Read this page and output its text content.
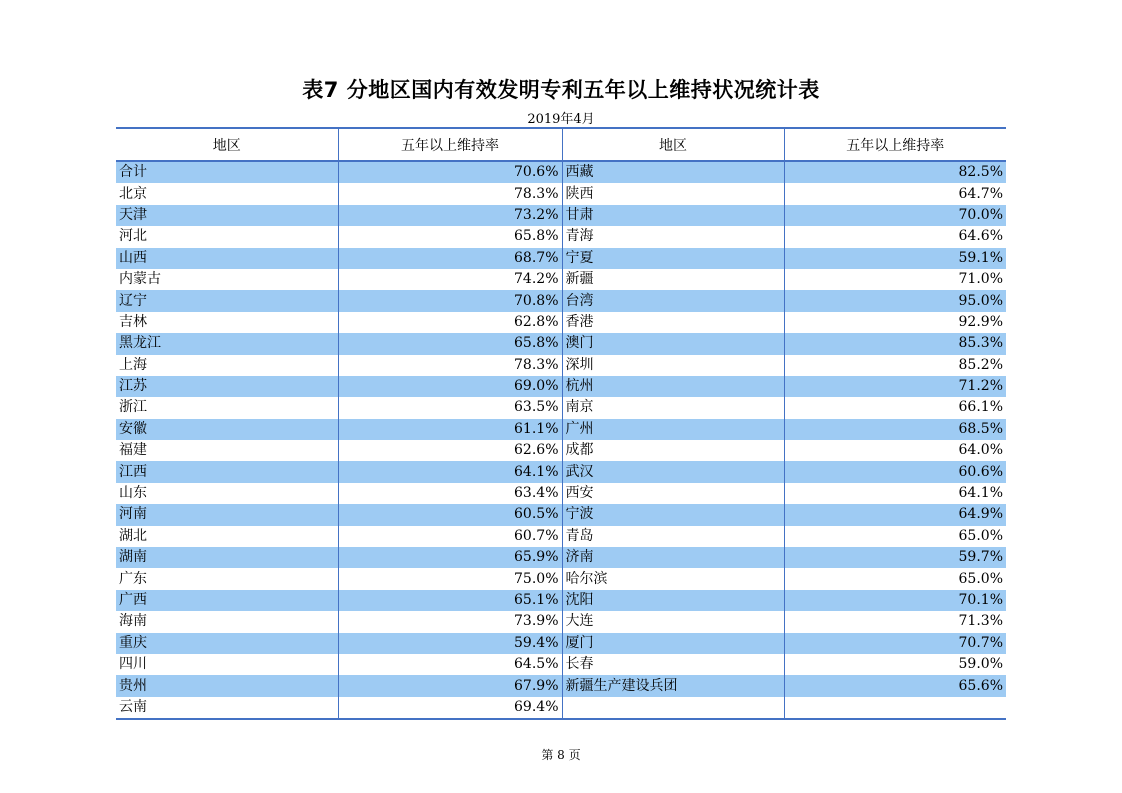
表7 分地区国内有效发明专利五年以上维持状况统计表
2019年4月
地区	五年以上维持率	地区	五年以上维持率
合计	70.6%	西藏	82.5%
北京	78.3%	陕西	64.7%
天津	73.2%	甘肃	70.0%
河北	65.8%	青海	64.6%
山西	68.7%	宁夏	59.1%
内蒙古	74.2%	新疆	71.0%
辽宁	70.8%	台湾	95.0%
吉林	62.8%	香港	92.9%
黑龙江	65.8%	澳门	85.3%
上海	78.3%	深圳	85.2%
江苏	69.0%	杭州	71.2%
浙江	63.5%	南京	66.1%
安徽	61.1%	广州	68.5%
福建	62.6%	成都	64.0%
江西	64.1%	武汉	60.6%
山东	63.4%	西安	64.1%
河南	60.5%	宁波	64.9%
湖北	60.7%	青岛	65.0%
湖南	65.9%	济南	59.7%
广东	75.0%	哈尔滨	65.0%
广西	65.1%	沈阳	70.1%
海南	73.9%	大连	71.3%
重庆	59.4%	厦门	70.7%
四川	64.5%	长春	59.0%
贵州	67.9%	新疆生产建设兵团	65.6%
云南	69.4%		
第 8 页
